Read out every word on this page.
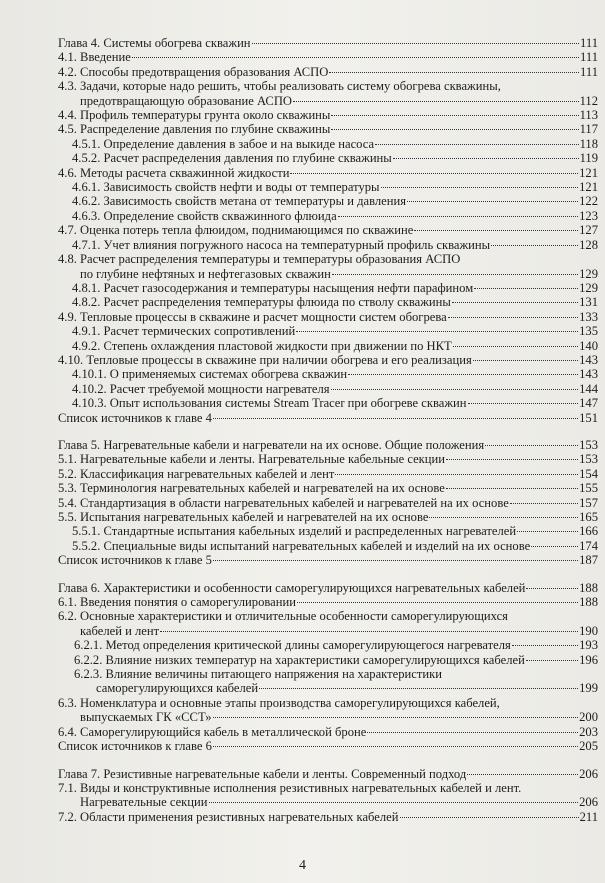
Глава 4. Системы обогрева скважин	111
4.1. Введение	111
4.2. Способы предотвращения образования АСПО	111
4.3. Задачи, которые надо решить, чтобы реализовать систему обогрева скважины,
предотвращающую образование АСПО	112
4.4. Профиль температуры грунта около скважины	113
4.5. Распределение давления по глубине скважины	117
4.5.1. Определение давления в забое и на выкиде насоса	118
4.5.2. Расчет распределения давления по глубине скважины	119
4.6. Методы расчета скважинной жидкости	121
4.6.1. Зависимость свойств нефти и воды от температуры	121
4.6.2. Зависимость свойств метана от температуры и давления	122
4.6.3. Определение свойств скважинного флюида	123
4.7. Оценка потерь тепла флюидом, поднимающимся по скважине	127
4.7.1. Учет влияния погружного насоса на температурный профиль скважины	128
4.8. Расчет распределения температуры и температуры образования АСПО
по глубине нефтяных и нефтегазовых скважин	129
4.8.1. Расчет газосодержания и температуры насыщения нефти парафином	129
4.8.2. Расчет распределения температуры флюида по стволу скважины	131
4.9. Тепловые процессы в скважине и расчет мощности систем обогрева	133
4.9.1. Расчет термических сопротивлений	135
4.9.2. Степень охлаждения пластовой жидкости при движении по НКТ	140
4.10. Тепловые процессы в скважине при наличии обогрева и его реализация	143
4.10.1. О применяемых системах обогрева скважин	143
4.10.2. Расчет требуемой мощности нагревателя	144
4.10.3. Опыт использования системы Stream Tracer при обогреве скважин	147
Список источников к главе 4	151
Глава 5. Нагревательные кабели и нагреватели на их основе. Общие положения	153
5.1. Нагревательные кабели и ленты. Нагревательные кабельные секции	153
5.2. Классификация нагревательных кабелей и лент	154
5.3. Терминология нагревательных кабелей и нагревателей на их основе	155
5.4. Стандартизация в области нагревательных кабелей и нагревателей на их основе	157
5.5. Испытания нагревательных кабелей и нагревателей на их основе	165
5.5.1. Стандартные испытания кабельных изделий и распределенных нагревателей	166
5.5.2. Специальные виды испытаний нагревательных кабелей и изделий на их основе	174
Список источников к главе 5	187
Глава 6. Характеристики и особенности саморегулирующихся нагревательных кабелей	188
6.1. Введения понятия о саморегулировании	188
6.2. Основные характеристики и отличительные особенности саморегулирующихся
кабелей и лент	190
6.2.1. Метод определения критической длины саморегулирующегося нагревателя	193
6.2.2. Влияние низких температур на характеристики саморегулирующихся кабелей	196
6.2.3. Влияние величины питающего напряжения на характеристики
саморегулирующихся кабелей	199
6.3. Номенклатура и основные этапы производства саморегулирующихся кабелей,
выпускаемых ГК «ССТ»	200
6.4. Саморегулирующийся кабель в металлической броне	203
Список источников к главе 6	205
Глава 7. Резистивные нагревательные кабели и ленты. Современный подход	206
7.1. Виды и конструктивные исполнения резистивных нагревательных кабелей и лент.
Нагревательные секции	206
7.2. Области применения резистивных нагревательных кабелей	211
4
